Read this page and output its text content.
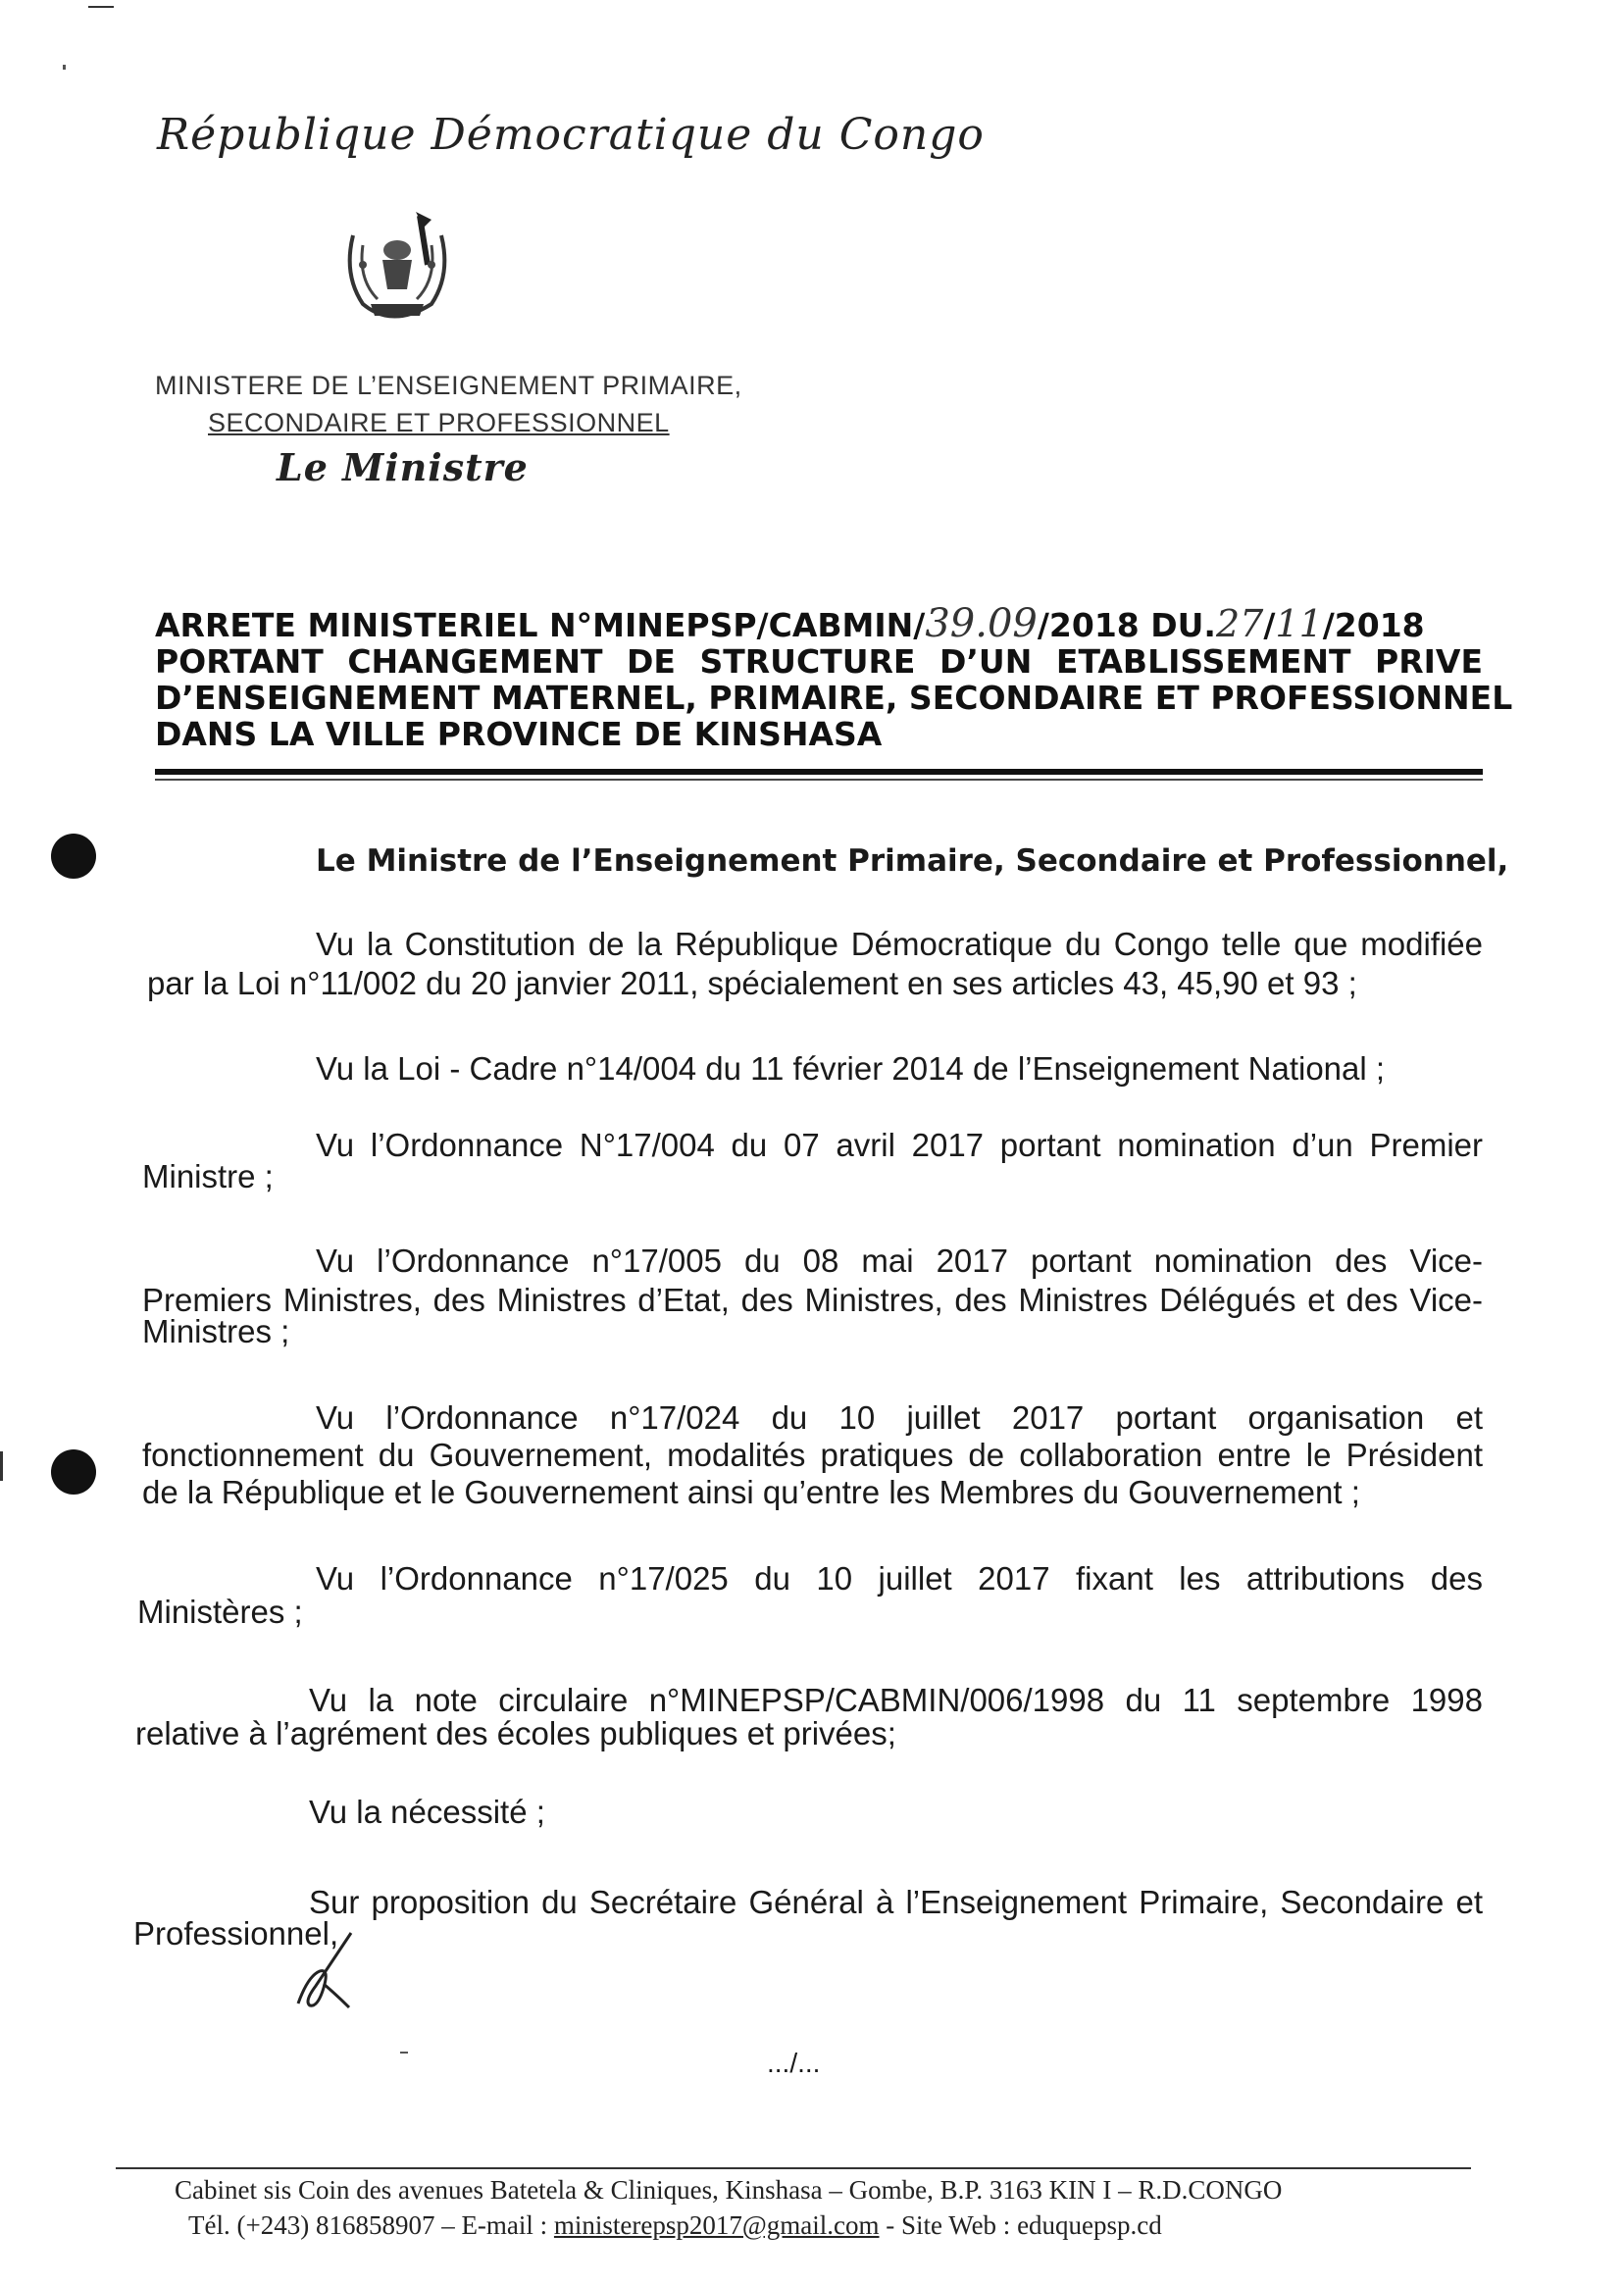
République Démocratique du Congo
MINISTERE DE L’ENSEIGNEMENT PRIMAIRE,
SECONDAIRE ET PROFESSIONNEL
Le Ministre
ARRETE MINISTERIEL N°MINEPSP/CABMIN/39.09/2018 DU.27/11/2018
PORTANT CHANGEMENT DE STRUCTURE D’UN ETABLISSEMENT PRIVE
D’ENSEIGNEMENT MATERNEL, PRIMAIRE, SECONDAIRE ET PROFESSIONNEL
DANS LA VILLE PROVINCE DE KINSHASA
Le Ministre de l’Enseignement Primaire, Secondaire et Professionnel,
Vu la Constitution de la République Démocratique du Congo telle que modifiée
par la Loi n°11/002 du 20 janvier 2011, spécialement en ses articles 43, 45,90 et 93 ;
Vu la Loi - Cadre n°14/004 du 11 février 2014 de l’Enseignement National ;
Vu l’Ordonnance N°17/004 du 07 avril 2017 portant nomination d’un Premier
Ministre ;
Vu l’Ordonnance n°17/005 du 08 mai 2017 portant nomination des Vice-
Premiers Ministres, des Ministres d’Etat, des Ministres, des Ministres Délégués et des Vice-
Ministres ;
Vu l’Ordonnance n°17/024 du 10 juillet 2017 portant organisation et
fonctionnement du Gouvernement, modalités pratiques de collaboration entre le Président
de la République et le Gouvernement ainsi qu’entre les Membres du Gouvernement ;
Vu l’Ordonnance n°17/025 du 10 juillet 2017 fixant les attributions des
Ministères ;
Vu la note circulaire n°MINEPSP/CABMIN/006/1998 du 11 septembre 1998
relative à l’agrément des écoles publiques et privées;
Vu la nécessité ;
Sur proposition du Secrétaire Général à l’Enseignement Primaire, Secondaire et
Professionnel,
.../...
Cabinet sis Coin des avenues Batetela & Cliniques, Kinshasa – Gombe, B.P. 3163 KIN I – R.D.CONGO
Tél. (+243) 816858907 – E-mail : ministerepsp2017@gmail.com - Site Web : eduquepsp.cd
